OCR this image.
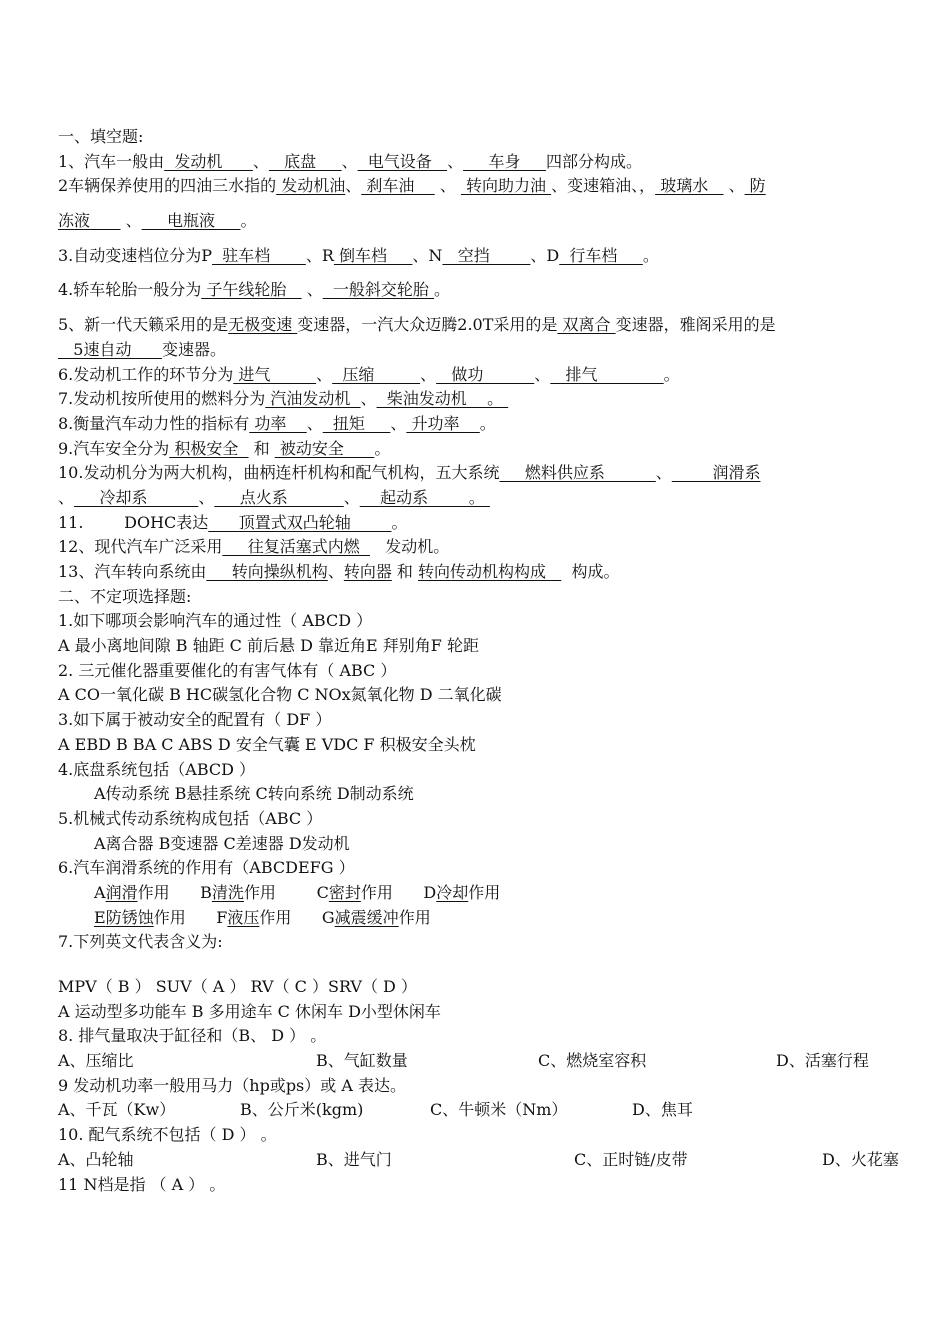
一、填空题:
1、汽车一般由  发动机      、   底盘     、  电气设备   、     车身     四部分构成。
2车辆保养使用的四油三水指的 发动机油、 刹车油     、  转向助力油 、变速箱油、， 玻璃水    、 防
冻液       、     电瓶液     。
3.自动变速档位分为P  驻车档       、R 倒车档     、N   空挡        、D  行车档     。
4.轿车轮胎一般分为 子午线轮胎    、  一般斜交轮胎 。
5、新一代天籁采用的是无极变速 变速器，一汽大众迈腾2.0T采用的是 双离合 变速器，雅阁采用的是
5速自动      变速器。
6.发动机工作的环节分为 进气         、  压缩         、   做功          、   排气             。
7.发动机按所使用的燃料分为 汽油发动机  、  柴油发动机    。
8.衡量汽车动力性的指标有 功率    、  扭矩     、 升功率    。
9.汽车安全分为 积极安全   和  被动安全      。
10.发动机分为两大机构，曲柄连杆机构和配气机构，五大系统     燃料供应系          、        润滑系
、     冷却系          、     点火系           、    起动系        。
11.        DOHC表达      顶置式双凸轮轴        。
12、现代汽车广泛采用     往复活塞式内燃     发动机。
13、汽车转向系统由     转向操纵机构、转向器 和 转向传动机构构成     构成。
二、不定项选择题:
1.如下哪项会影响汽车的通过性（ ABCD ）
A 最小离地间隙 B 轴距 C 前后悬 D 靠近角E 拜别角F 轮距
2. 三元催化器重要催化的有害气体有（ ABC ）
A CO一氧化碳 B HC碳氢化合物 C NOx氮氧化物 D 二氧化碳
3.如下属于被动安全的配置有（ DF ）
A EBD B BA C ABS D 安全气囊 E VDC F 积极安全头枕
4.底盘系统包括（ABCD ）
A传动系统 B悬挂系统 C转向系统 D制动系统
5.机械式传动系统构成包括（ABC ）
A离合器 B变速器 C差速器 D发动机
6.汽车润滑系统的作用有（ABCDEFG ）
A润滑作用      B清洗作用        C密封作用      D冷却作用
E防锈蚀作用      F液压作用      G减震缓冲作用
7.下列英文代表含义为:
MPV（ B ） SUV（ A ） RV（ C ）SRV（ D ）
A 运动型多功能车 B 多用途车 C 休闲车 D小型休闲车
8. 排气量取决于缸径和（B、 D ） 。
A、压缩比	B、气缸数量	C、燃烧室容积	D、活塞行程
9 发动机功率一般用马力（hp或ps）或 A 表达。
A、千瓦（Kw）	B、公斤米(kgm)	C、牛顿米（Nm）	D、焦耳
10. 配气系统不包括（ D ） 。
A、凸轮轴	B、进气门	C、正时链/皮带	D、火花塞
11 N档是指 （ A ） 。
